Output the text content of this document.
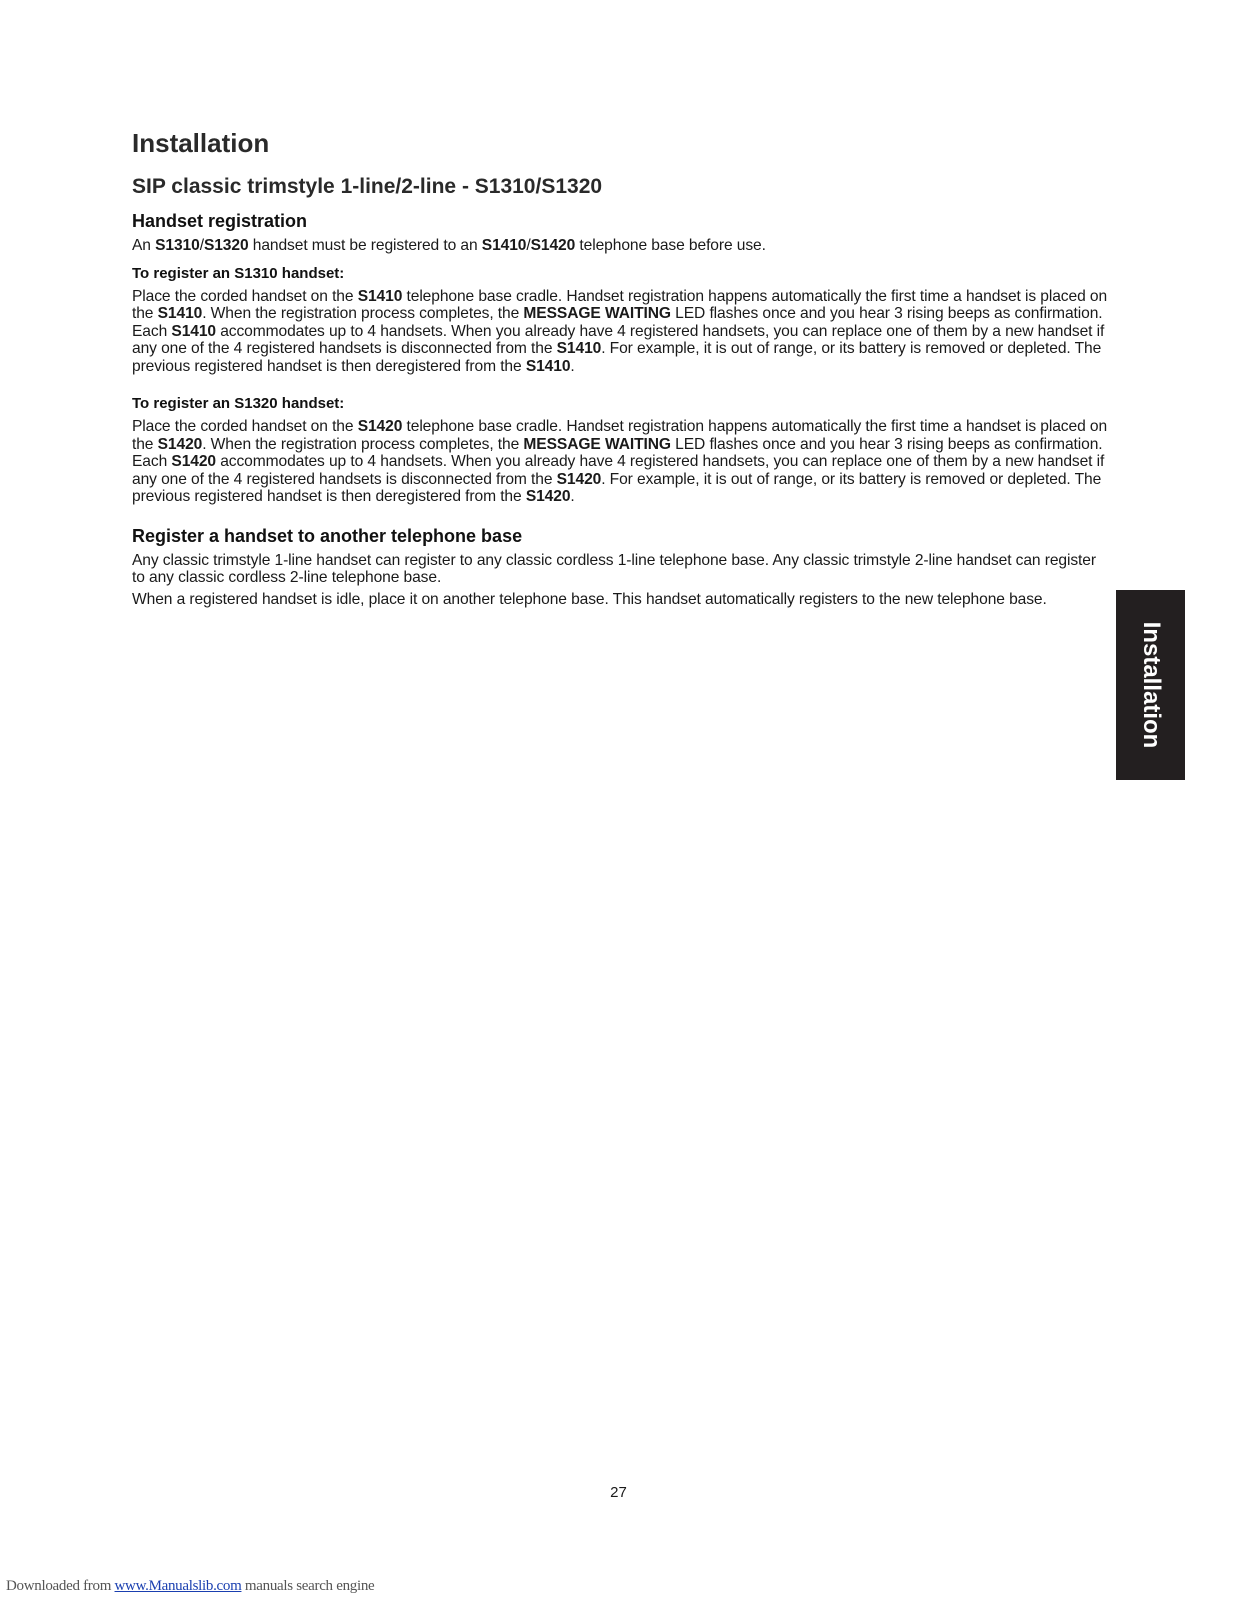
Installation
SIP classic trimstyle 1-line/2-line - S1310/S1320
Handset registration

An S1310/S1320 handset must be registered to an S1410/S1420 telephone base before use.

To register an S1310 handset:

Place the corded handset on the S1410 telephone base cradle. Handset registration happens automatically the first time a handset is placed on the S1410. When the registration process completes, the MESSAGE WAITING LED flashes once and you hear 3 rising beeps as confirmation. Each S1410 accommodates up to 4 handsets. When you already have 4 registered handsets, you can replace one of them by a new handset if any one of the 4 registered handsets is disconnected from the S1410. For example, it is out of range, or its battery is removed or depleted. The previous registered handset is then deregistered from the S1410.

To register an S1320 handset:

Place the corded handset on the S1420 telephone base cradle. Handset registration happens automatically the first time a handset is placed on the S1420. When the registration process completes, the MESSAGE WAITING LED flashes once and you hear 3 rising beeps as confirmation. Each S1420 accommodates up to 4 handsets. When you already have 4 registered handsets, you can replace one of them by a new handset if any one of the 4 registered handsets is disconnected from the S1420. For example, it is out of range, or its battery is removed or depleted. The previous registered handset is then deregistered from the S1420.

Register a handset to another telephone base

Any classic trimstyle 1-line handset can register to any classic cordless 1-line telephone base. Any classic trimstyle 2-line handset can register to any classic cordless 2-line telephone base.

When a registered handset is idle, place it on another telephone base. This handset automatically registers to the new telephone base.

Installation
27
Downloaded from www.Manualslib.com manuals search engine
